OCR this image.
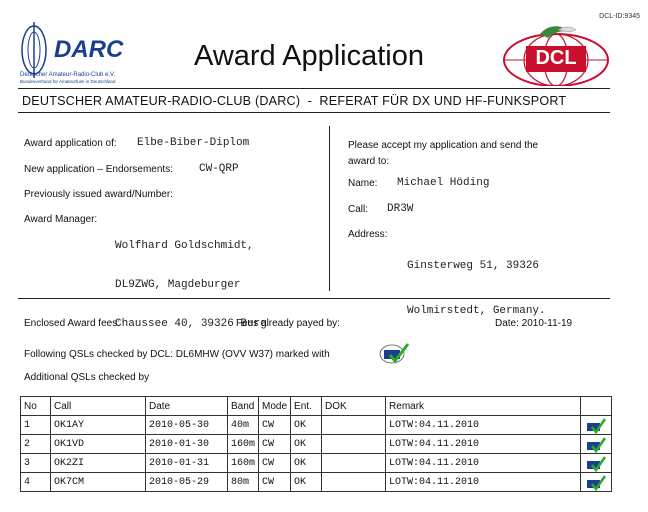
DCL-ID:9345
DARC
Deutscher Amateur-Radio-Club e.V.
Bundesverband für Amateurfunk in Deutschland
Award Application	DCL
DEUTSCHER AMATEUR-RADIO-CLUB (DARC)  -  REFERAT FÜR DX UND HF-FUNKSPORT
Award application of: Elbe-Biber-Diplom
New application – Endorsements: CW-QRP
Previously issued award/Number:
Award Manager:

Wolfhard Goldschmidt,

DL9ZWG, Magdeburger

Chaussee 40, 39326 Burg

Please accept my application and send the
award to:
Name: Michael Höding
Call: DR3W
Address:

Ginsterweg 51, 39326

Wolmirstedt, Germany.

Enclosed Award fees:	Fees already payed by:	Date: 2010-11-19
Following QSLs checked by DCL: DL6MHW (OVV W37) marked with
Additional QSLs checked by
No	Call	Date	Band	Mode	Ent.	DOK	Remark	
1	OK1AY	2010-05-30	40m	CW	OK		LOTW:04.11.2010	
2	OK1VD	2010-01-30	160m	CW	OK		LOTW:04.11.2010	
3	OK2ZI	2010-01-31	160m	CW	OK		LOTW:04.11.2010	
4	OK7CM	2010-05-29	80m	CW	OK		LOTW:04.11.2010	
